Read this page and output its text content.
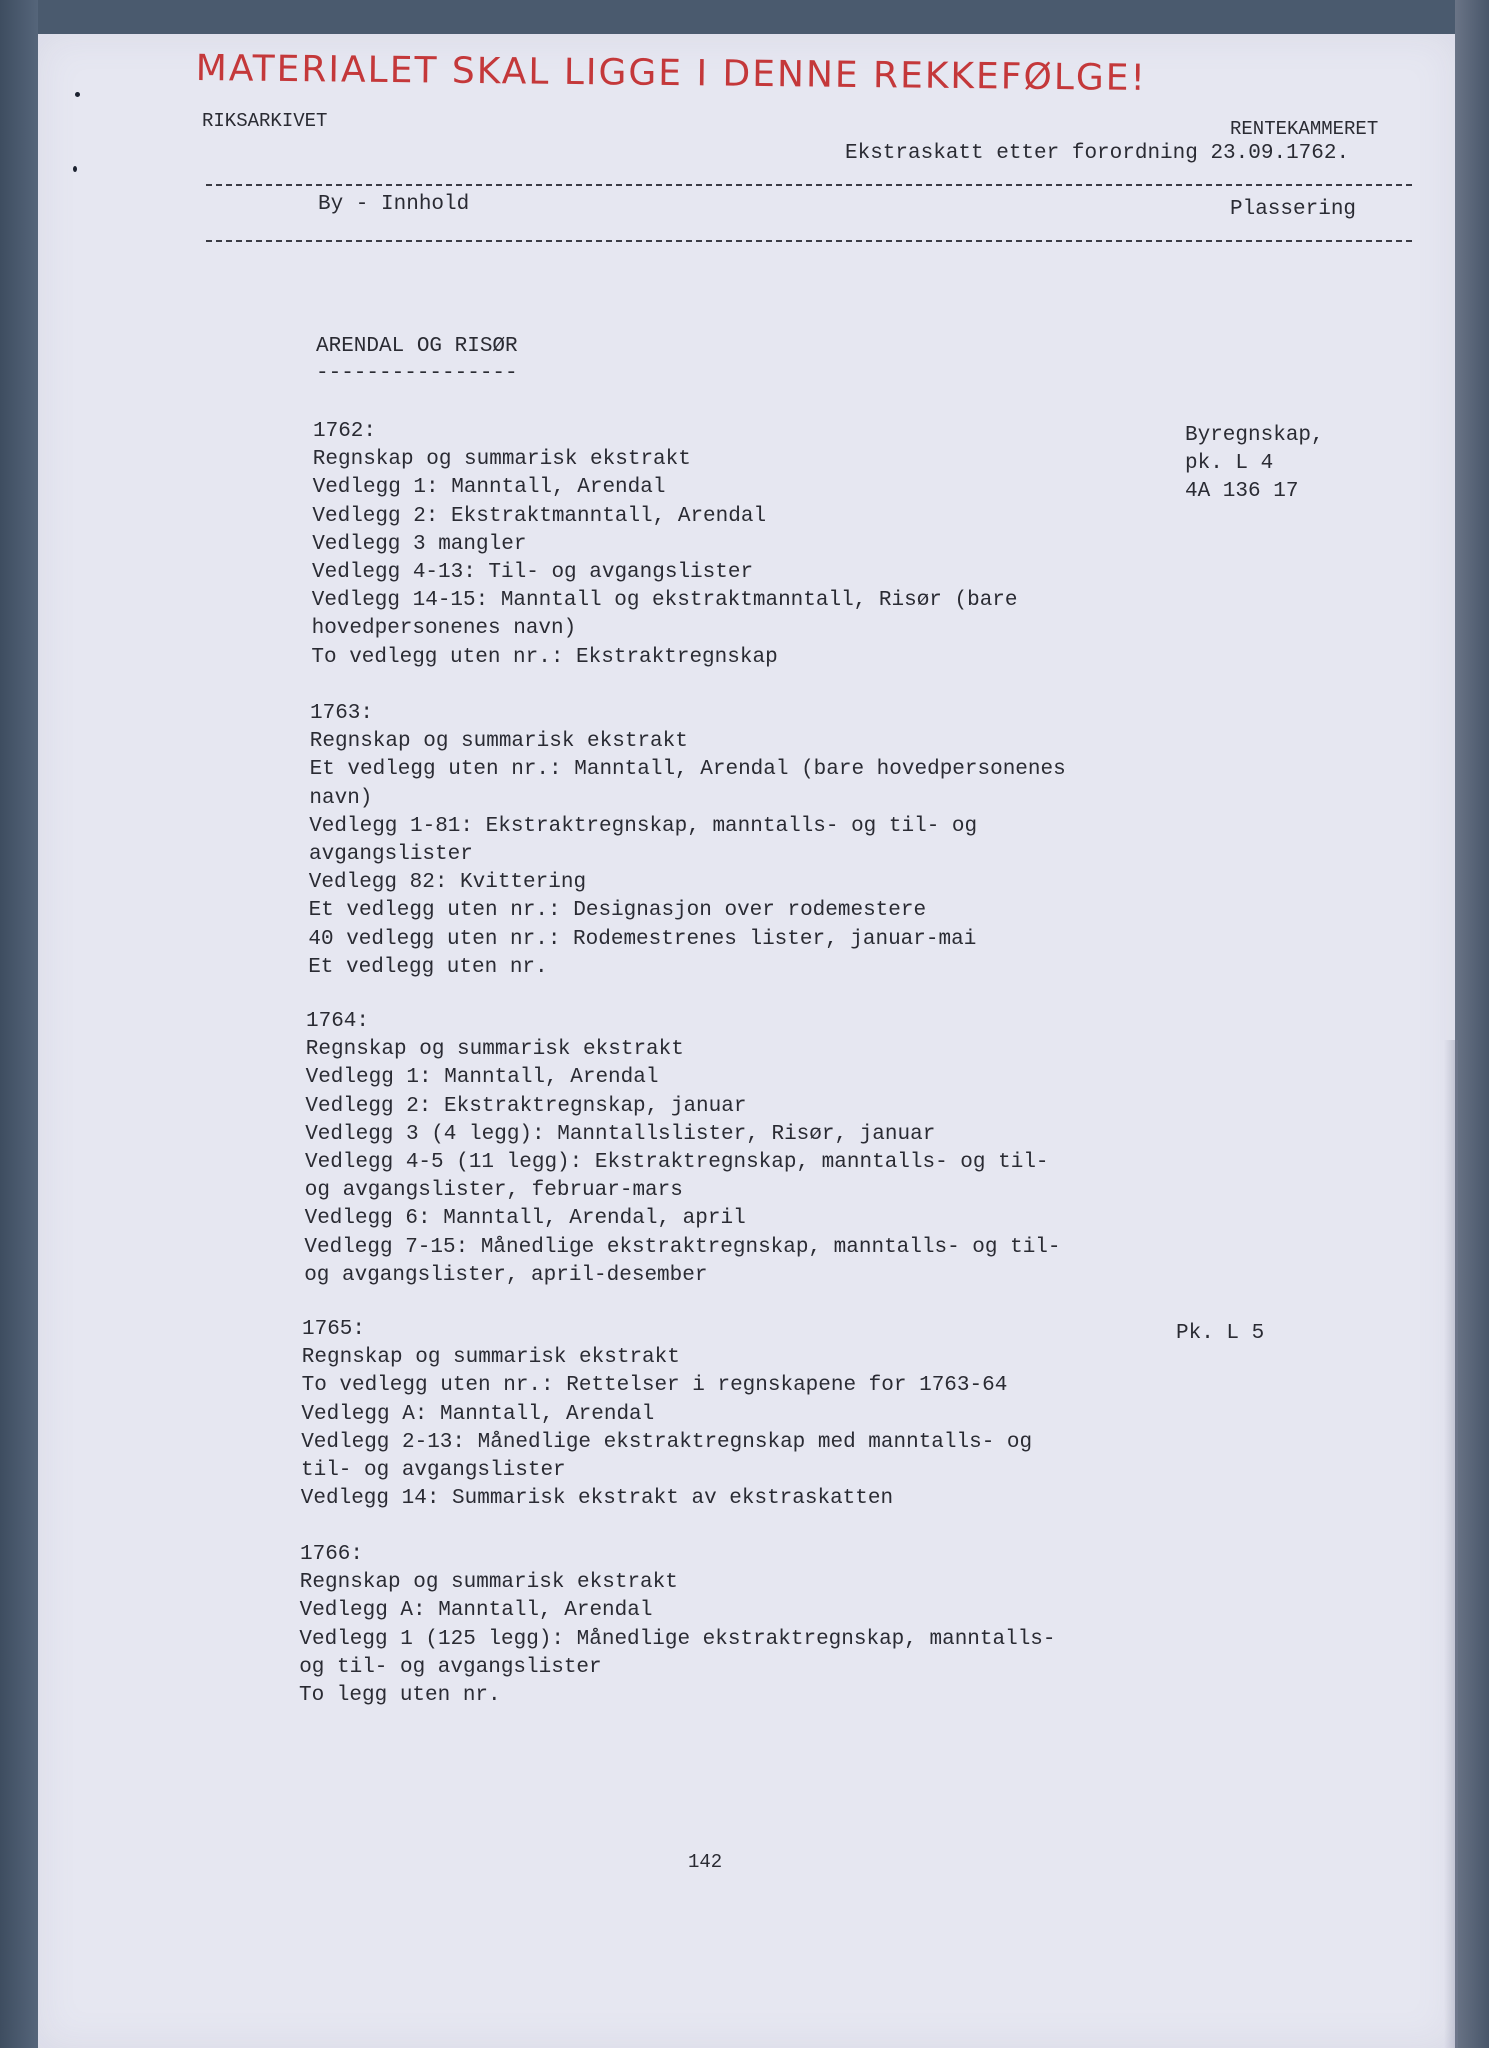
MATERIALET SKAL LIGGE I DENNE REKKEFØLGE!
RIKSARKIVET	RENTEKAMMERET
Ekstraskatt etter forordning 23.09.1762.
By - Innhold	Plassering
ARENDAL OG RISØR
----------------
1762:
Regnskap og summarisk ekstrakt
Vedlegg 1: Manntall, Arendal
Vedlegg 2: Ekstraktmanntall, Arendal
Vedlegg 3 mangler
Vedlegg 4-13: Til- og avgangslister
Vedlegg 14-15: Manntall og ekstraktmanntall, Risør (bare
hovedpersonenes navn)
To vedlegg uten nr.: Ekstraktregnskap
Byregnskap,
pk. L 4
4A 136 17
1763:
Regnskap og summarisk ekstrakt
Et vedlegg uten nr.: Manntall, Arendal (bare hovedpersonenes
navn)
Vedlegg 1-81: Ekstraktregnskap, manntalls- og til- og
avgangslister
Vedlegg 82: Kvittering
Et vedlegg uten nr.: Designasjon over rodemestere
40 vedlegg uten nr.: Rodemestrenes lister, januar-mai
Et vedlegg uten nr.
1764:
Regnskap og summarisk ekstrakt
Vedlegg 1: Manntall, Arendal
Vedlegg 2: Ekstraktregnskap, januar
Vedlegg 3 (4 legg): Manntallslister, Risør, januar
Vedlegg 4-5 (11 legg): Ekstraktregnskap, manntalls- og til-
og avgangslister, februar-mars
Vedlegg 6: Manntall, Arendal, april
Vedlegg 7-15: Månedlige ekstraktregnskap, manntalls- og til-
og avgangslister, april-desember
1765:
Regnskap og summarisk ekstrakt
To vedlegg uten nr.: Rettelser i regnskapene for 1763-64
Vedlegg A: Manntall, Arendal
Vedlegg 2-13: Månedlige ekstraktregnskap med manntalls- og
til- og avgangslister
Vedlegg 14: Summarisk ekstrakt av ekstraskatten
Pk. L 5
1766:
Regnskap og summarisk ekstrakt
Vedlegg A: Manntall, Arendal
Vedlegg 1 (125 legg): Månedlige ekstraktregnskap, manntalls-
og til- og avgangslister
To legg uten nr.
142
